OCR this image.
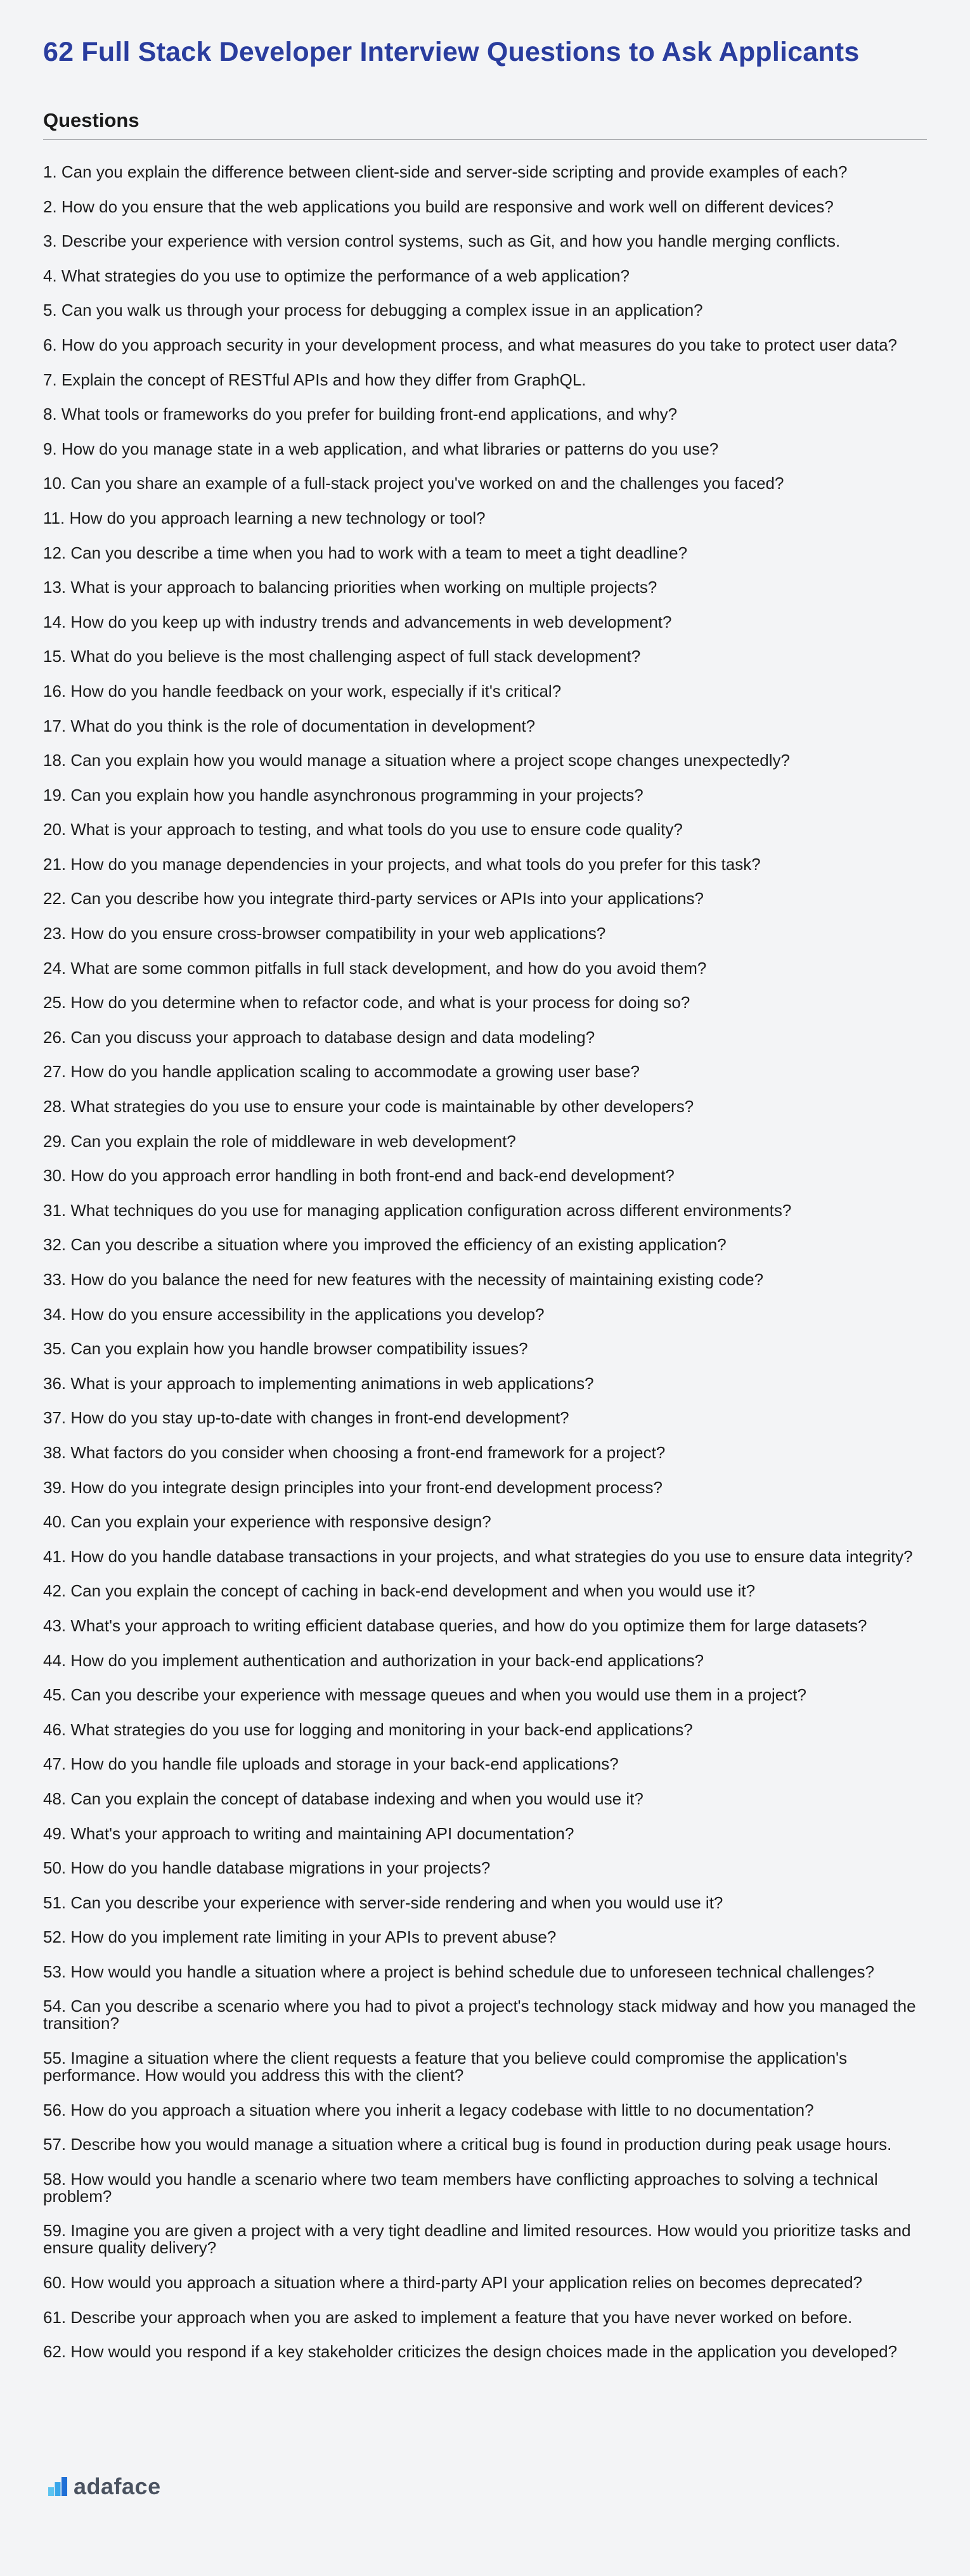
62 Full Stack Developer Interview Questions to Ask Applicants
Questions
1. Can you explain the difference between client-side and server-side scripting and provide examples of each?
2. How do you ensure that the web applications you build are responsive and work well on different devices?
3. Describe your experience with version control systems, such as Git, and how you handle merging conflicts.
4. What strategies do you use to optimize the performance of a web application?
5. Can you walk us through your process for debugging a complex issue in an application?
6. How do you approach security in your development process, and what measures do you take to protect user data?
7. Explain the concept of RESTful APIs and how they differ from GraphQL.
8. What tools or frameworks do you prefer for building front-end applications, and why?
9. How do you manage state in a web application, and what libraries or patterns do you use?
10. Can you share an example of a full-stack project you've worked on and the challenges you faced?
11. How do you approach learning a new technology or tool?
12. Can you describe a time when you had to work with a team to meet a tight deadline?
13. What is your approach to balancing priorities when working on multiple projects?
14. How do you keep up with industry trends and advancements in web development?
15. What do you believe is the most challenging aspect of full stack development?
16. How do you handle feedback on your work, especially if it's critical?
17. What do you think is the role of documentation in development?
18. Can you explain how you would manage a situation where a project scope changes unexpectedly?
19. Can you explain how you handle asynchronous programming in your projects?
20. What is your approach to testing, and what tools do you use to ensure code quality?
21. How do you manage dependencies in your projects, and what tools do you prefer for this task?
22. Can you describe how you integrate third-party services or APIs into your applications?
23. How do you ensure cross-browser compatibility in your web applications?
24. What are some common pitfalls in full stack development, and how do you avoid them?
25. How do you determine when to refactor code, and what is your process for doing so?
26. Can you discuss your approach to database design and data modeling?
27. How do you handle application scaling to accommodate a growing user base?
28. What strategies do you use to ensure your code is maintainable by other developers?
29. Can you explain the role of middleware in web development?
30. How do you approach error handling in both front-end and back-end development?
31. What techniques do you use for managing application configuration across different environments?
32. Can you describe a situation where you improved the efficiency of an existing application?
33. How do you balance the need for new features with the necessity of maintaining existing code?
34. How do you ensure accessibility in the applications you develop?
35. Can you explain how you handle browser compatibility issues?
36. What is your approach to implementing animations in web applications?
37. How do you stay up-to-date with changes in front-end development?
38. What factors do you consider when choosing a front-end framework for a project?
39. How do you integrate design principles into your front-end development process?
40. Can you explain your experience with responsive design?
41. How do you handle database transactions in your projects, and what strategies do you use to ensure data integrity?
42. Can you explain the concept of caching in back-end development and when you would use it?
43. What's your approach to writing efficient database queries, and how do you optimize them for large datasets?
44. How do you implement authentication and authorization in your back-end applications?
45. Can you describe your experience with message queues and when you would use them in a project?
46. What strategies do you use for logging and monitoring in your back-end applications?
47. How do you handle file uploads and storage in your back-end applications?
48. Can you explain the concept of database indexing and when you would use it?
49. What's your approach to writing and maintaining API documentation?
50. How do you handle database migrations in your projects?
51. Can you describe your experience with server-side rendering and when you would use it?
52. How do you implement rate limiting in your APIs to prevent abuse?
53. How would you handle a situation where a project is behind schedule due to unforeseen technical challenges?
54. Can you describe a scenario where you had to pivot a project's technology stack midway and how you managed the transition?
55. Imagine a situation where the client requests a feature that you believe could compromise the application's performance. How would you address this with the client?
56. How do you approach a situation where you inherit a legacy codebase with little to no documentation?
57. Describe how you would manage a situation where a critical bug is found in production during peak usage hours.
58. How would you handle a scenario where two team members have conflicting approaches to solving a technical problem?
59. Imagine you are given a project with a very tight deadline and limited resources. How would you prioritize tasks and ensure quality delivery?
60. How would you approach a situation where a third-party API your application relies on becomes deprecated?
61. Describe your approach when you are asked to implement a feature that you have never worked on before.
62. How would you respond if a key stakeholder criticizes the design choices made in the application you developed?
adaface
